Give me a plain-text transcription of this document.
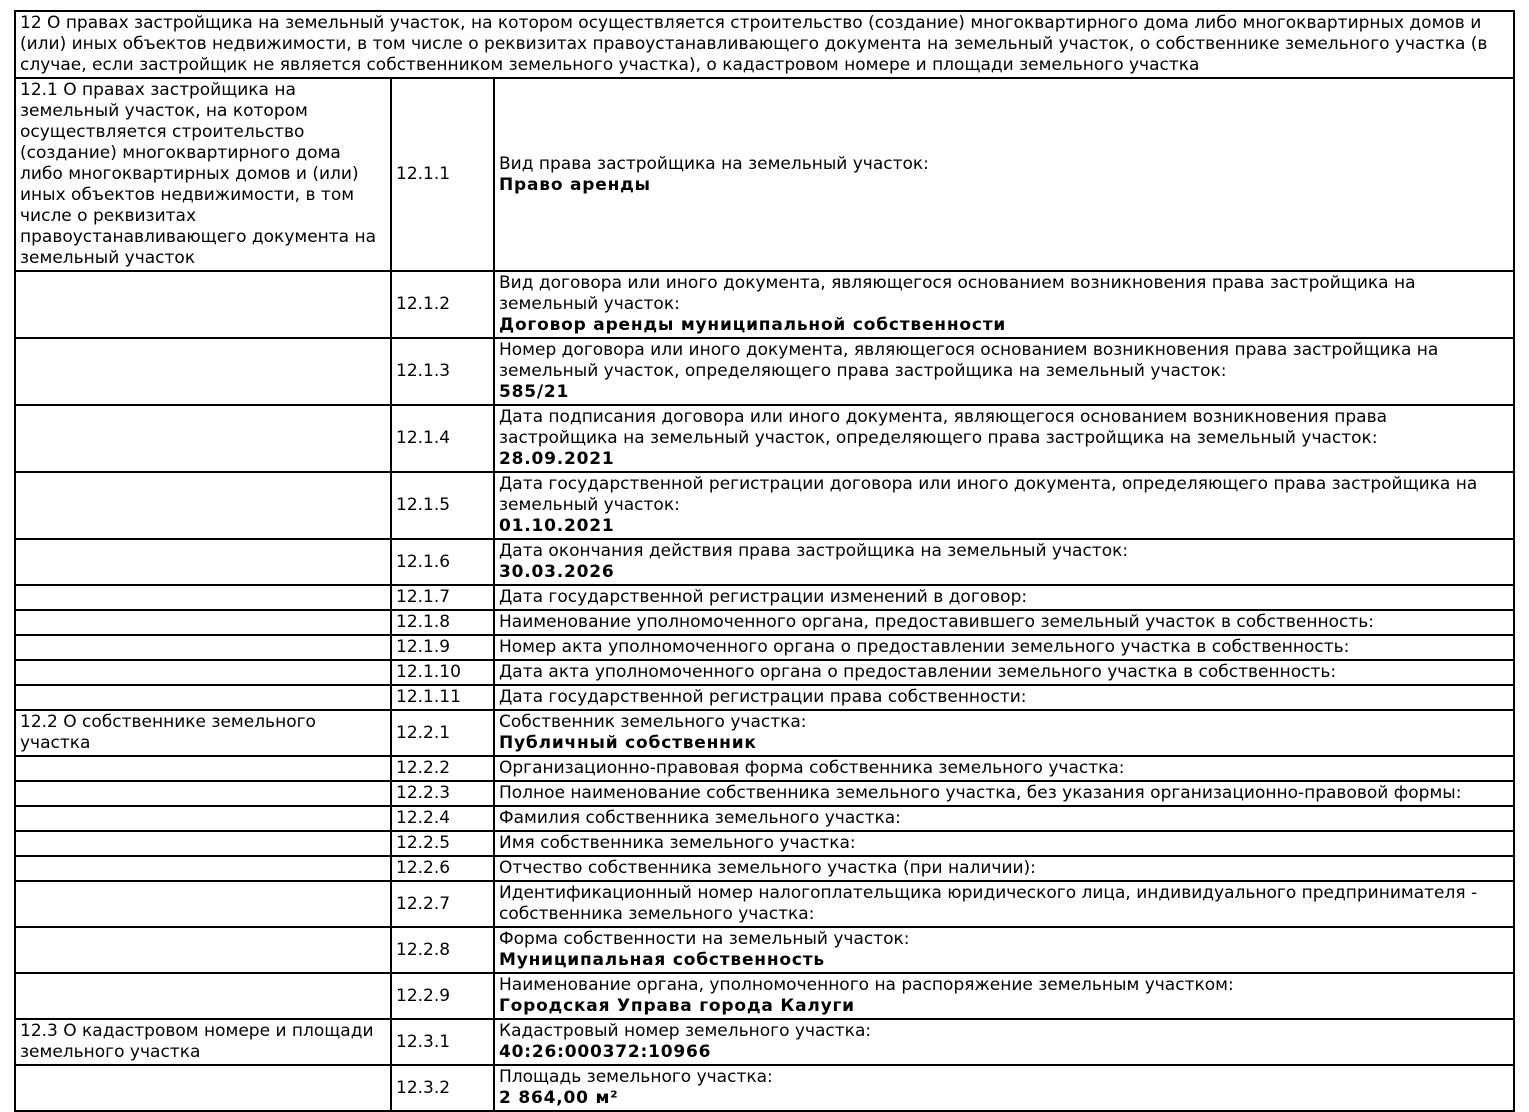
12 О правах застройщика на земельный участок, на котором осуществляется строительство (создание) многоквартирного дома либо многоквартирных домов и (или) иных объектов недвижимости, в том числе о реквизитах правоустанавливающего документа на земельный участок, о собственнике земельного участка (в случае, если застройщик не является собственником земельного участка), о кадастровом номере и площади земельного участка		

12.1 О правах застройщика на земельный участок, на котором осуществляется строительство (создание) многоквартирного дома либо многоквартирных домов и (или) иных объектов недвижимости, в том числе о реквизитах правоустанавливающего документа на земельный участок	12.1.1	Вид права застройщика на земельный участок:
Право аренды

	12.1.2	Вид договора или иного документа, являющегося основанием возникновения права застройщика на земельный участок:
Договор аренды муниципальной собственности

	12.1.3	Номер договора или иного документа, являющегося основанием возникновения права застройщика на земельный участок, определяющего права застройщика на земельный участок:
585/21

	12.1.4	Дата подписания договора или иного документа, являющегося основанием возникновения права застройщика на земельный участок, определяющего права застройщика на земельный участок:
28.09.2021

	12.1.5	Дата государственной регистрации договора или иного документа, определяющего права застройщика на земельный участок:
01.10.2021

	12.1.6	Дата окончания действия права застройщика на земельный участок:
30.03.2026

	12.1.7	Дата государственной регистрации изменений в договор:

	12.1.8	Наименование уполномоченного органа, предоставившего земельный участок в собственность:

	12.1.9	Номер акта уполномоченного органа о предоставлении земельного участка в собственность:

	12.1.10	Дата акта уполномоченного органа о предоставлении земельного участка в собственность:

	12.1.11	Дата государственной регистрации права собственности:

12.2 О собственнике земельного участка	12.2.1	Собственник земельного участка:
Публичный собственник

	12.2.2	Организационно-правовая форма собственника земельного участка:

	12.2.3	Полное наименование собственника земельного участка, без указания организационно-правовой формы:

	12.2.4	Фамилия собственника земельного участка:

	12.2.5	Имя собственника земельного участка:

	12.2.6	Отчество собственника земельного участка (при наличии):

	12.2.7	Идентификационный номер налогоплательщика юридического лица, индивидуального предпринимателя - собственника земельного участка:

	12.2.8	Форма собственности на земельный участок:
Муниципальная собственность

	12.2.9	Наименование органа, уполномоченного на распоряжение земельным участком:
Городская Управа города Калуги

12.3 О кадастровом номере и площади земельного участка	12.3.1	Кадастровый номер земельного участка:
40:26:000372:10966

	12.3.2	Площадь земельного участка:
2 864,00 м²
